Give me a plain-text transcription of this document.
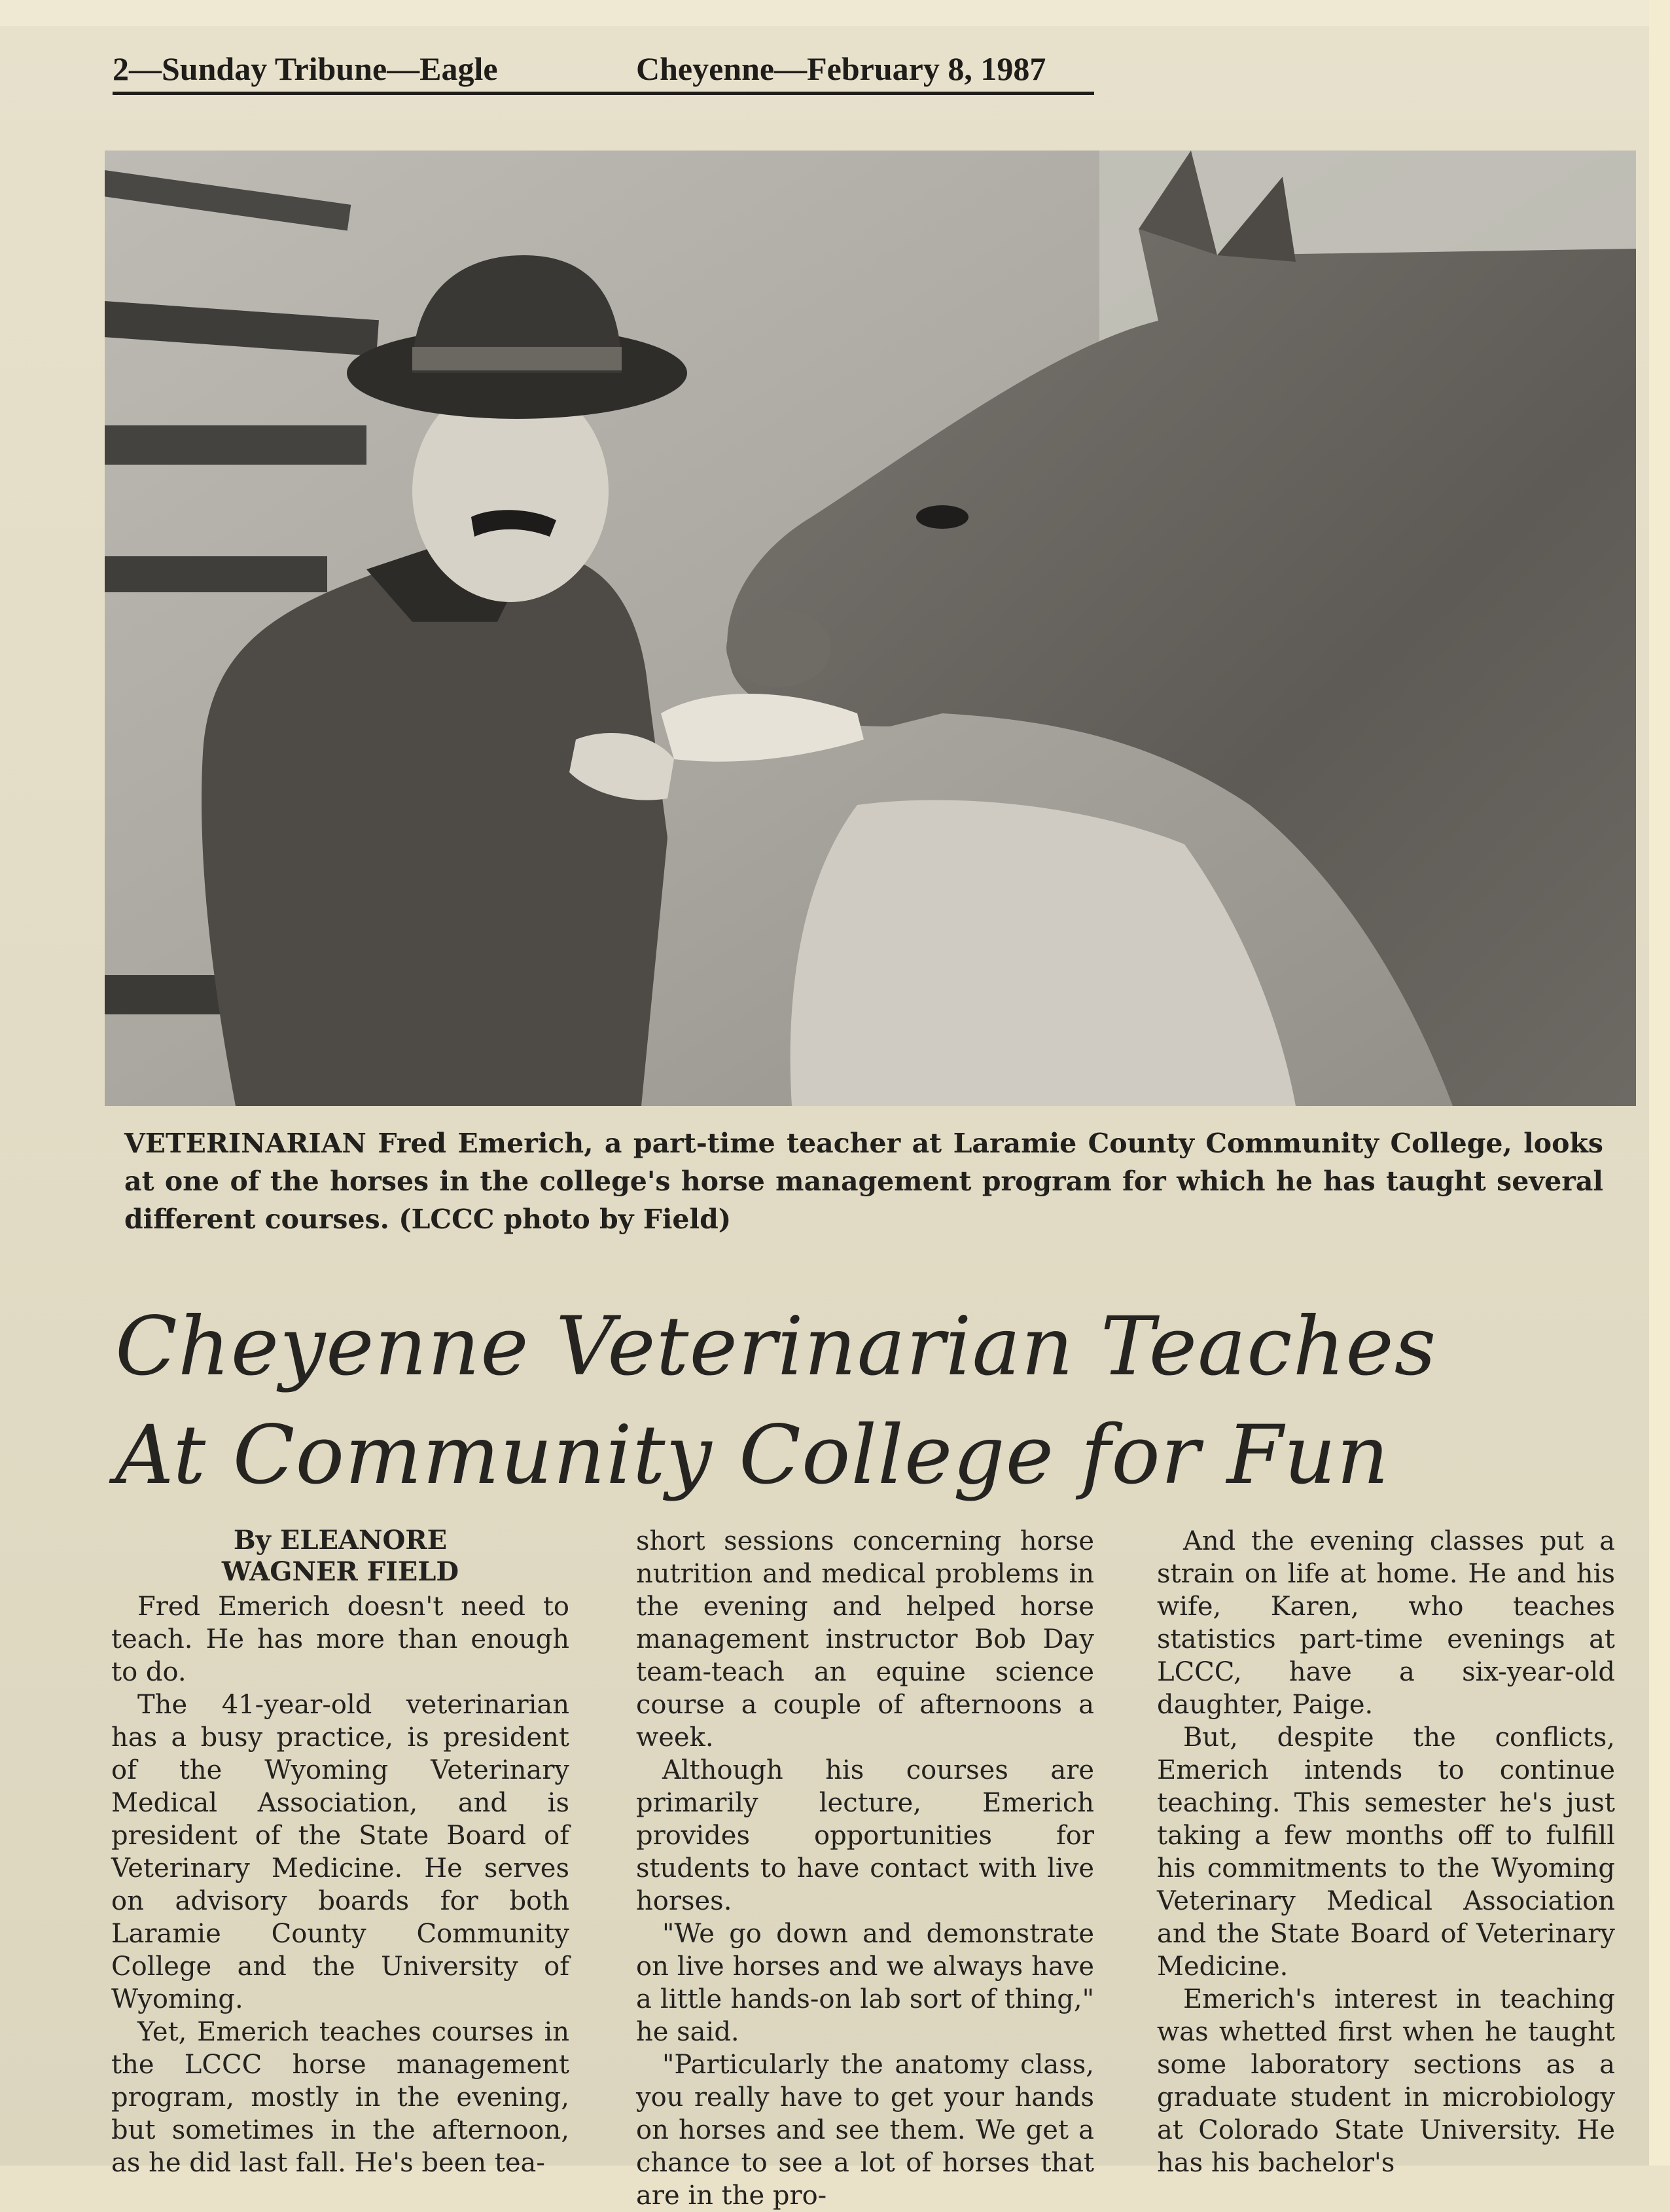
2—Sunday Tribune—Eagle	Cheyenne—February 8, 1987
VETERINARIAN Fred Emerich, a part-time teacher at Laramie County Community College, looks at one of the horses in the college's horse management program for which he has taught several different courses. (LCCC photo by Field)
Cheyenne Veterinarian Teaches
At Community College for Fun
By ELEANORE
WAGNER FIELD

Fred Emerich doesn't need to teach. He has more than enough to do.

The 41-year-old veterinarian has a busy practice, is president of the Wyoming Veterinary Medical Association, and is president of the State Board of Veterinary Medicine. He serves on advisory boards for both Laramie County Community College and the University of Wyoming.

Yet, Emerich teaches courses in the LCCC horse management program, mostly in the evening, but sometimes in the afternoon, as he did last fall. He's been tea-

short sessions concerning horse nutrition and medical problems in the evening and helped horse management instructor Bob Day team-teach an equine science course a couple of afternoons a week.

Although his courses are primarily lecture, Emerich provides opportunities for students to have contact with live horses.

"We go down and demonstrate on live horses and we always have a little hands-on lab sort of thing," he said.

"Particularly the anatomy class, you really have to get your hands on horses and see them. We get a chance to see a lot of horses that are in the pro-

And the evening classes put a strain on life at home. He and his wife, Karen, who teaches statistics part-time evenings at LCCC, have a six-year-old daughter, Paige.

But, despite the conflicts, Emerich intends to continue teaching. This semester he's just taking a few months off to fulfill his commitments to the Wyoming Veterinary Medical Association and the State Board of Veterinary Medicine.

Emerich's interest in teaching was whetted first when he taught some laboratory sections as a graduate student in microbiology at Colorado State University. He has his bachelor's
